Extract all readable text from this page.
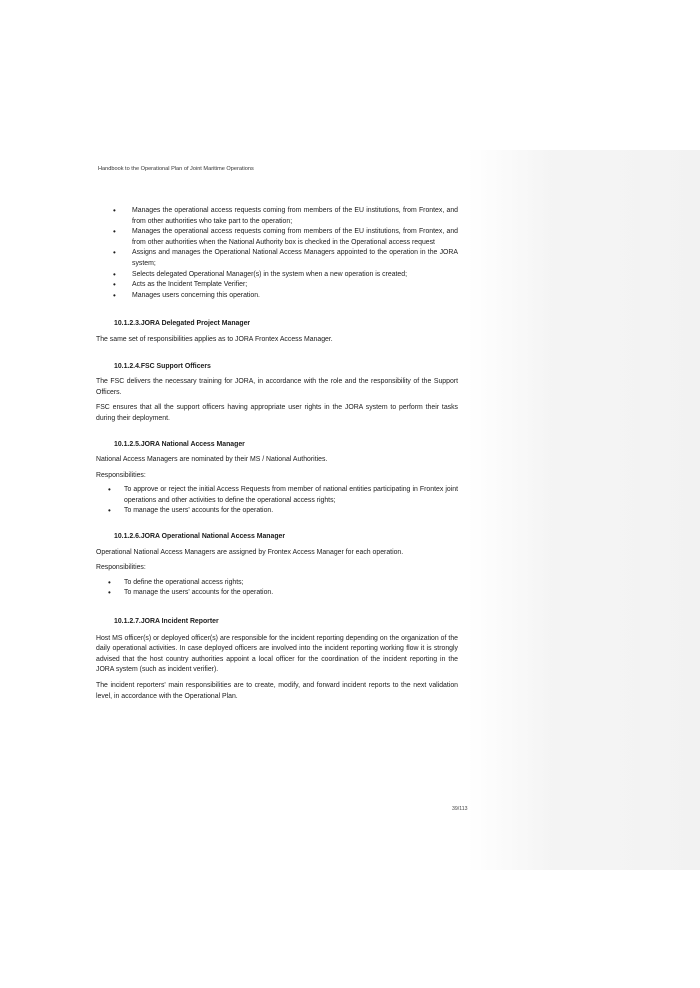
Handbook to the Operational Plan of Joint Maritime Operations
• Manages the operational access requests coming from members of the EU institutions, from Frontex, and from other authorities who take part to the operation;
• Manages the operational access requests coming from members of the EU institutions, from Frontex, and from other authorities when the National Authority box is checked in the Operational access request
• Assigns and manages the Operational National Access Managers appointed to the operation in the JORA system;
• Selects delegated Operational Manager(s) in the system when a new operation is created;
• Acts as the Incident Template Verifier;
• Manages users concerning this operation.
10.1.2.3.JORA Delegated Project Manager

The same set of responsibilities applies as to JORA Frontex Access Manager.

10.1.2.4.FSC Support Officers

The FSC delivers the necessary training for JORA, in accordance with the role and the responsibility of the Support Officers.

FSC ensures that all the support officers having appropriate user rights in the JORA system to perform their tasks during their deployment.

10.1.2.5.JORA National Access Manager

National Access Managers are nominated by their MS / National Authorities.

Responsibilities:

• To approve or reject the initial Access Requests from member of national entities participating in Frontex joint operations and other activities to define the operational access rights;
• To manage the users' accounts for the operation.
10.1.2.6.JORA Operational National Access Manager

Operational National Access Managers are assigned by Frontex Access Manager for each operation.

Responsibilities:

• To define the operational access rights;
• To manage the users' accounts for the operation.
10.1.2.7.JORA Incident Reporter

Host MS officer(s) or deployed officer(s) are responsible for the incident reporting depending on the organization of the daily operational activities. In case deployed officers are involved into the incident reporting working flow it is strongly advised that the host country authorities appoint a local officer for the coordination of the incident reporting in the JORA system (such as incident verifier).

The incident reporters' main responsibilities are to create, modify, and forward incident reports to the next validation level, in accordance with the Operational Plan.

39/113
